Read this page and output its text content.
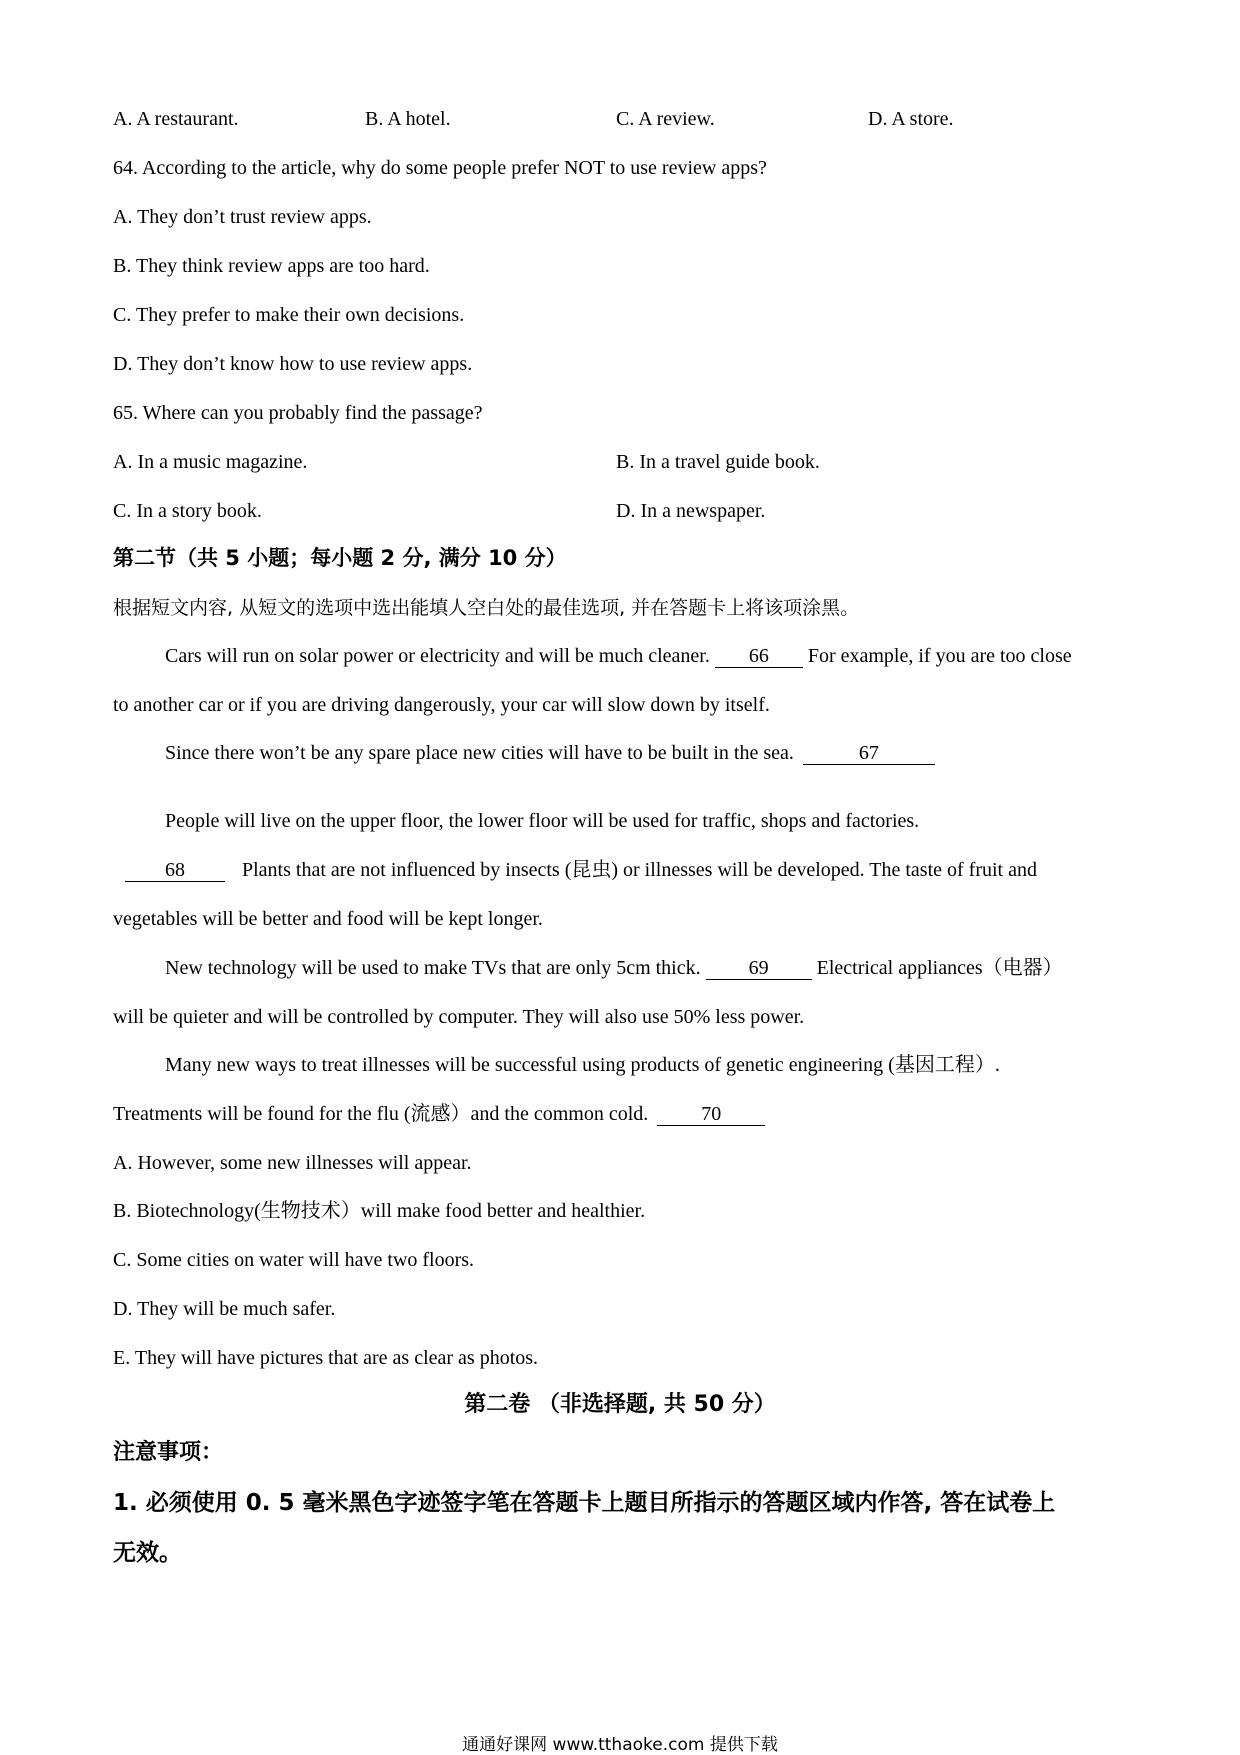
A. A restaurant.	B. A hotel.	C. A review.	D. A store.
64. According to the article, why do some people prefer NOT to use review apps?
A. They don’t trust review apps.
B. They think review apps are too hard.
C. They prefer to make their own decisions.
D. They don’t know how to use review apps.
65. Where can you probably find the passage?
A. In a music magazine.	B. In a travel guide book.
C. In a story book.	D. In a newspaper.
第二节（共 5 小题；每小题 2 分, 满分 10 分）
根据短文内容, 从短文的选项中选出能填人空白处的最佳选项, 并在答题卡上将该项涂黑。
Cars will run on solar power or electricity and will be much cleaner. 66 For example, if you are too close
to another car or if you are driving dangerously, your car will slow down by itself.
Since there won’t be any spare place new cities will have to be built in the sea.	67
People will live on the upper floor, the lower floor will be used for traffic, shops and factories.
68	Plants that are not influenced by insects (昆虫) or illnesses will be developed. The taste of fruit and
vegetables will be better and food will be kept longer.
New technology will be used to make TVs that are only 5cm thick. 69 Electrical appliances（电器）
will be quieter and will be controlled by computer. They will also use 50% less power.
Many new ways to treat illnesses will be successful using products of genetic engineering (基因工程）.
Treatments will be found for the flu (流感）and the common cold.	70
A. However, some new illnesses will appear.
B. Biotechnology(生物技术）will make food better and healthier.
C. Some cities on water will have two floors.
D. They will be much safer.
E. They will have pictures that are as clear as photos.
第二卷 （非选择题, 共 50 分）
注意事项：
1. 必须使用 0. 5 毫米黑色字迹签字笔在答题卡上题目所指示的答题区域内作答, 答在试卷上
无效。
通通好课网 www.tthaoke.com 提供下载
